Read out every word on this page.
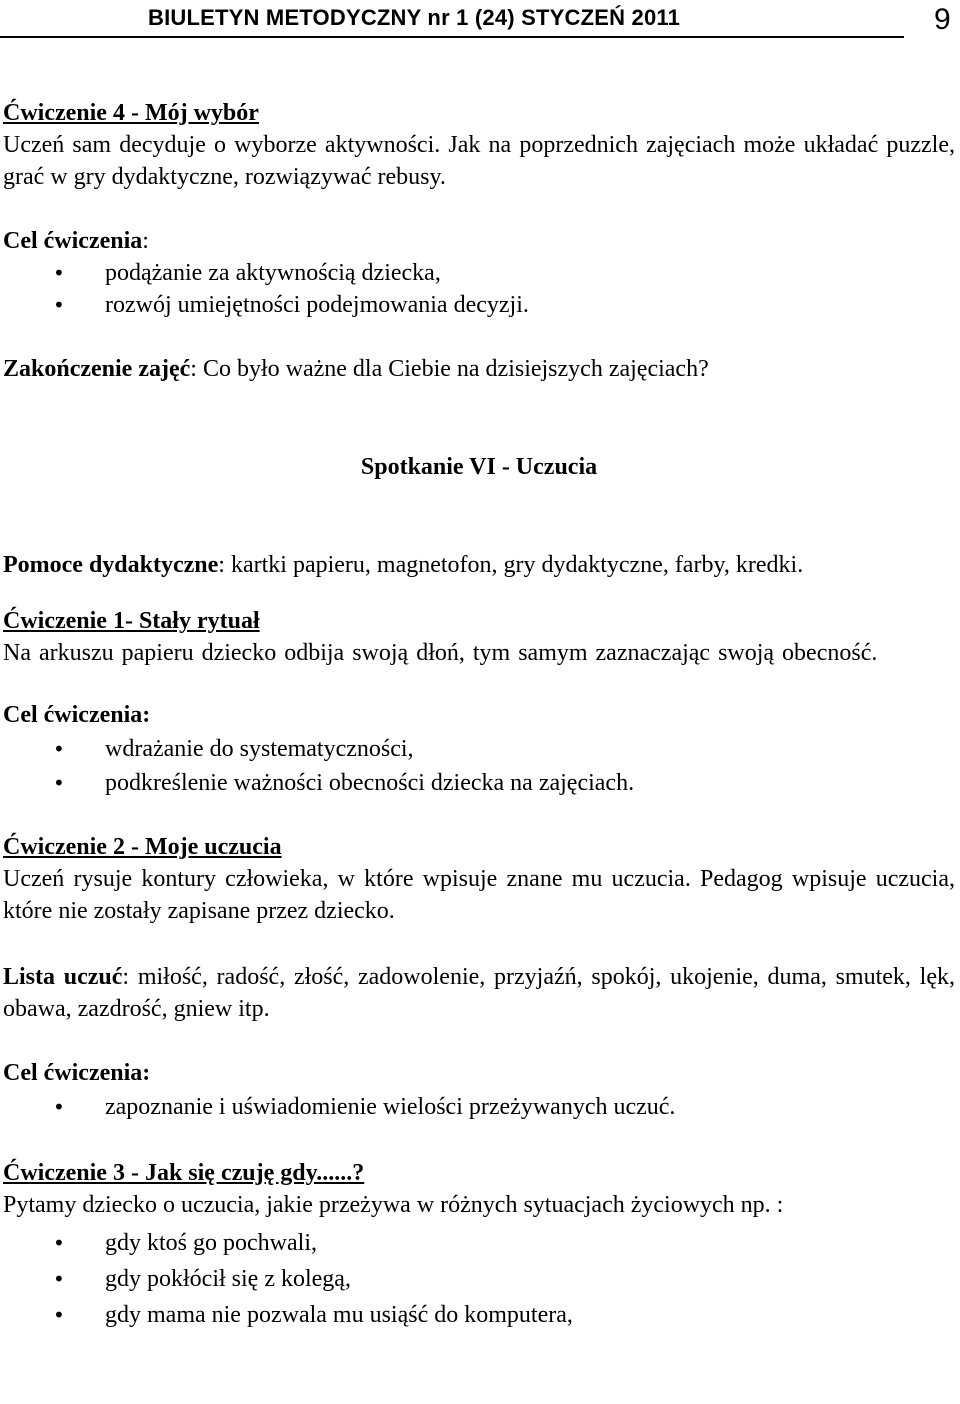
BIULETYN METODYCZNY nr 1 (24) STYCZEŃ 2011	9

Ćwiczenie 4 - Mój wybór

Uczeń sam decyduje o wyborze aktywności. Jak na poprzednich zajęciach może układać puzzle, grać w gry dydaktyczne, rozwiązywać rebusy.

Cel ćwiczenia:

• podążanie za aktywnością dziecka,
• rozwój umiejętności podejmowania decyzji.

Zakończenie zajęć: Co było ważne dla Ciebie na dzisiejszych zajęciach?

Spotkanie VI - Uczucia

Pomoce dydaktyczne: kartki papieru, magnetofon, gry dydaktyczne, farby, kredki.

Ćwiczenie 1- Stały rytuał

Na arkuszu papieru dziecko odbija swoją dłoń, tym samym zaznaczając swoją obecność.

Cel ćwiczenia:

• wdrażanie do systematyczności,
• podkreślenie ważności obecności dziecka na zajęciach.

Ćwiczenie 2 - Moje uczucia

Uczeń rysuje kontury człowieka, w które wpisuje znane mu uczucia. Pedagog wpisuje uczucia, które nie zostały zapisane przez dziecko.

Lista uczuć: miłość, radość, złość, zadowolenie, przyjaźń, spokój, ukojenie, duma, smutek, lęk, obawa, zazdrość, gniew itp.

Cel ćwiczenia:

• zapoznanie i uświadomienie wielości przeżywanych uczuć.

Ćwiczenie 3 - Jak się czuję gdy......?

Pytamy dziecko o uczucia, jakie przeżywa w różnych sytuacjach życiowych np. :

• gdy ktoś go pochwali,
• gdy pokłócił się z kolegą,
• gdy mama nie pozwala mu usiąść do komputera,
